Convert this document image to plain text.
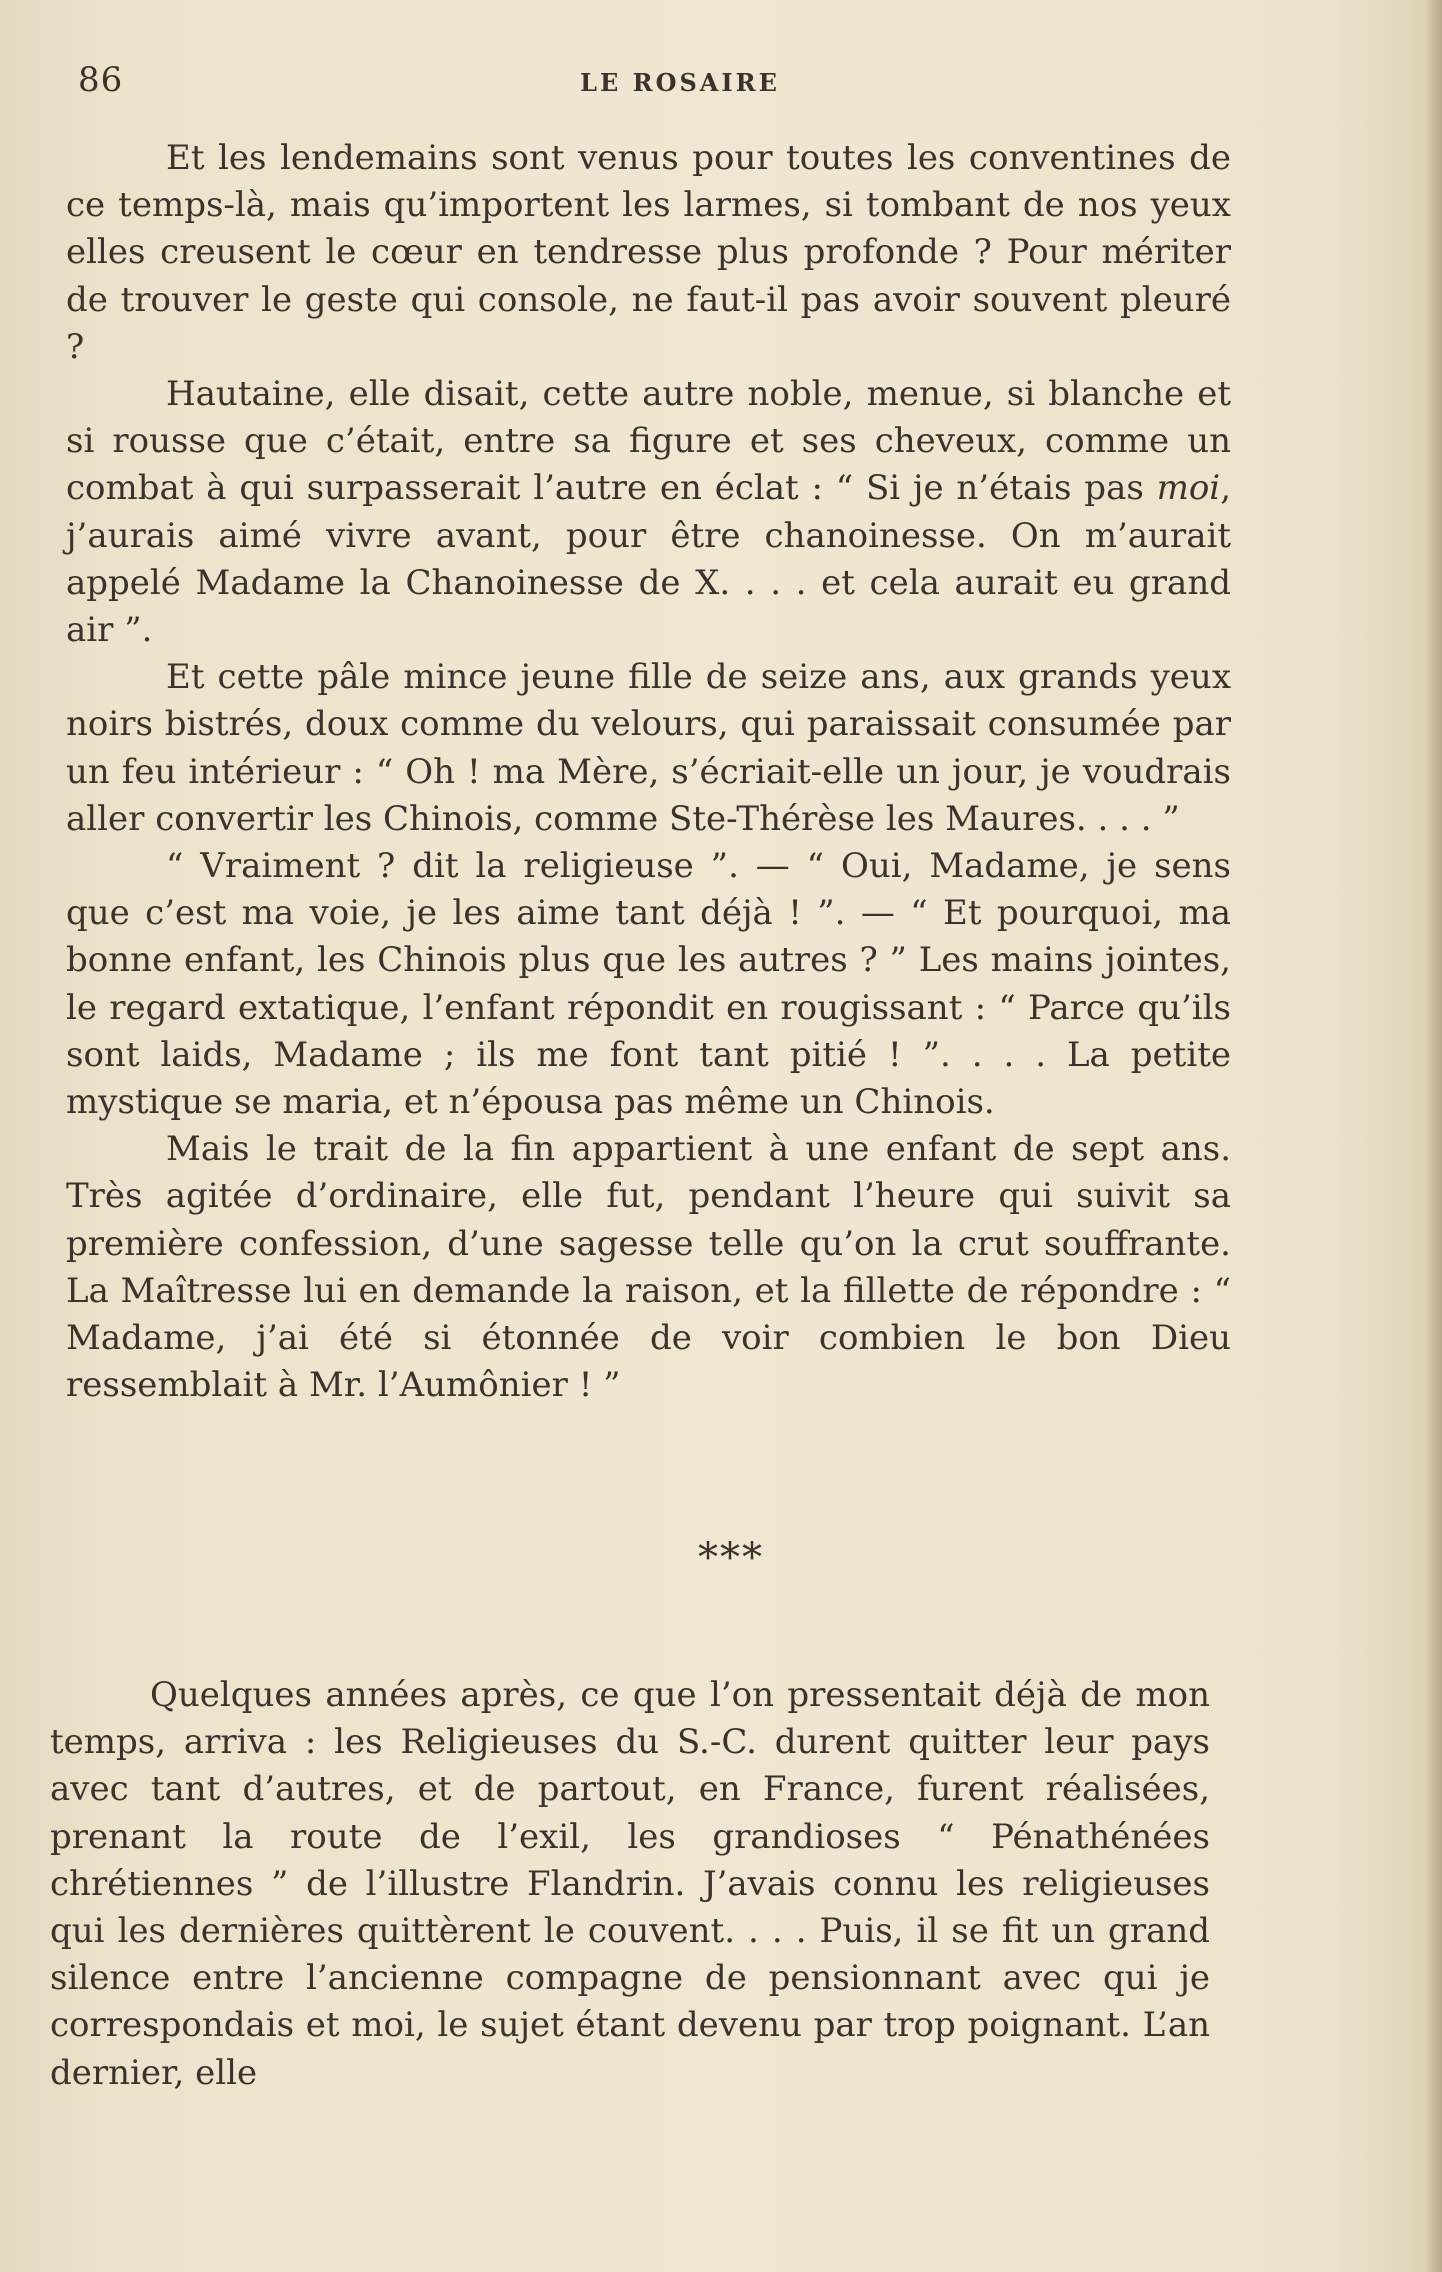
86	LE ROSAIRE

Et les lendemains sont venus pour toutes les conventines de ce temps-là, mais qu’importent les larmes, si tombant de nos yeux elles creusent le cœur en tendresse plus profonde ? Pour mériter de trouver le geste qui console, ne faut-il pas avoir souvent pleuré ?

Hautaine, elle disait, cette autre noble, menue, si blanche et si rousse que c’était, entre sa figure et ses cheveux, comme un combat à qui surpasserait l’autre en éclat : “ Si je n’étais pas moi, j’aurais aimé vivre avant, pour être chanoinesse. On m’aurait appelé Madame la Chanoinesse de X. . . . et cela aurait eu grand air ”.

Et cette pâle mince jeune fille de seize ans, aux grands yeux noirs bistrés, doux comme du velours, qui paraissait consumée par un feu intérieur : “ Oh ! ma Mère, s’écriait-elle un jour, je voudrais aller convertir les Chinois, comme Ste-Thérèse les Maures. . . . ”

“ Vraiment ? dit la religieuse ”. — “ Oui, Madame, je sens que c’est ma voie, je les aime tant déjà ! ”. — “ Et pourquoi, ma bonne enfant, les Chinois plus que les autres ? ” Les mains jointes, le regard extatique, l’enfant répondit en rougissant : “ Parce qu’ils sont laids, Madame ; ils me font tant pitié ! ”. . . . La petite mystique se maria, et n’épousa pas même un Chinois.

Mais le trait de la fin appartient à une enfant de sept ans. Très agitée d’ordinaire, elle fut, pendant l’heure qui suivit sa première confession, d’une sagesse telle qu’on la crut souffrante. La Maîtresse lui en demande la raison, et la fillette de répondre : “ Madame, j’ai été si étonnée de voir combien le bon Dieu ressemblait à Mr. l’Aumônier ! ”

***

Quelques années après, ce que l’on pressentait déjà de mon temps, arriva : les Religieuses du S.-C. durent quitter leur pays avec tant d’autres, et de partout, en France, furent réalisées, prenant la route de l’exil, les grandioses “ Pénathénées chrétiennes ” de l’illustre Flandrin. J’avais connu les religieuses qui les dernières quittèrent le couvent. . . . Puis, il se fit un grand silence entre l’ancienne compagne de pensionnant avec qui je correspondais et moi, le sujet étant devenu par trop poignant. L’an dernier, elle
